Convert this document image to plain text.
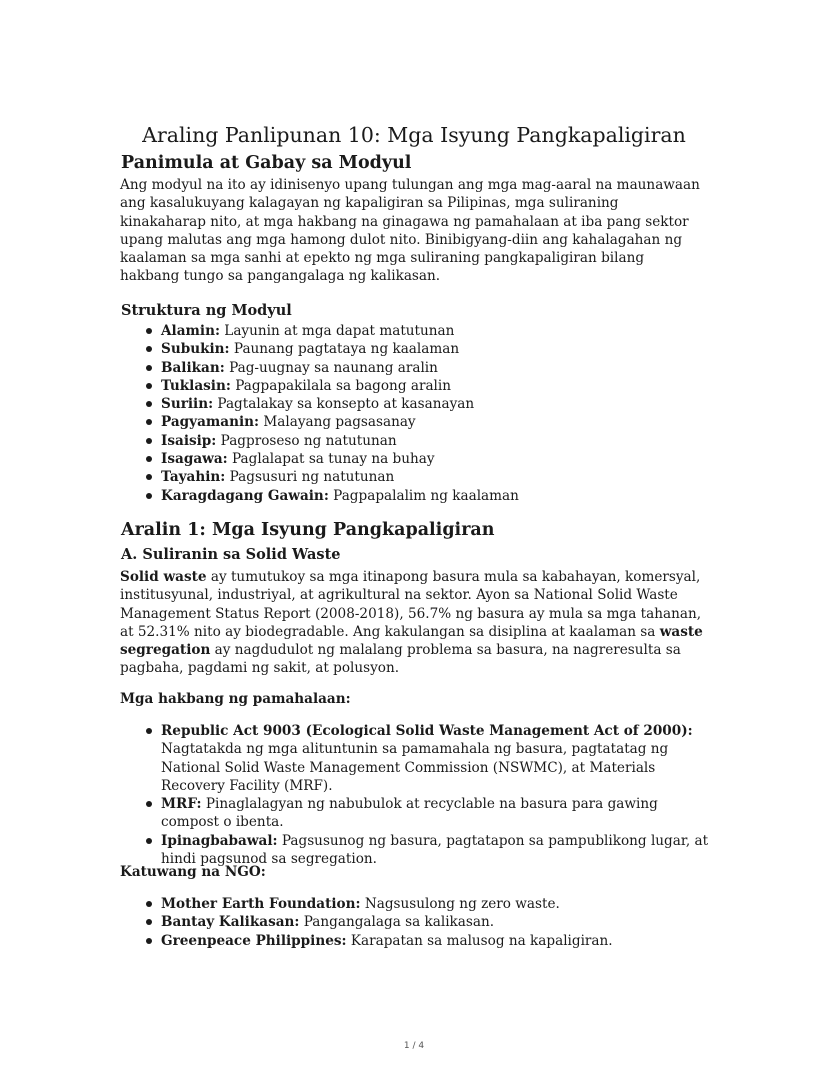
Araling Panlipunan 10: Mga Isyung Pangkapaligiran
Panimula at Gabay sa Modyul

Ang modyul na ito ay idinisenyo upang tulungan ang mga mag-aaral na maunawaan ang kasalukuyang kalagayan ng kapaligiran sa Pilipinas, mga suliraning kinakaharap nito, at mga hakbang na ginagawa ng pamahalaan at iba pang sektor upang malutas ang mga hamong dulot nito. Binibigyang-diin ang kahalagahan ng kaalaman sa mga sanhi at epekto ng mga suliraning pangkapaligiran bilang hakbang tungo sa pangangalaga ng kalikasan.

Struktura ng Modyul
Alamin: Layunin at mga dapat matutunan
Subukin: Paunang pagtataya ng kaalaman
Balikan: Pag-uugnay sa naunang aralin
Tuklasin: Pagpapakilala sa bagong aralin
Suriin: Pagtalakay sa konsepto at kasanayan
Pagyamanin: Malayang pagsasanay
Isaisip: Pagproseso ng natutunan
Isagawa: Paglalapat sa tunay na buhay
Tayahin: Pagsusuri ng natutunan
Karagdagang Gawain: Pagpapalalim ng kaalaman
Aralin 1: Mga Isyung Pangkapaligiran
A. Suliranin sa Solid Waste

Solid waste ay tumutukoy sa mga itinapong basura mula sa kabahayan, komersyal, institusyunal, industriyal, at agrikultural na sektor. Ayon sa National Solid Waste Management Status Report (2008-2018), 56.7% ng basura ay mula sa mga tahanan, at 52.31% nito ay biodegradable. Ang kakulangan sa disiplina at kaalaman sa waste segregation ay nagdudulot ng malalang problema sa basura, na nagreresulta sa pagbaha, pagdami ng sakit, at polusyon.

Mga hakbang ng pamahalaan:
Republic Act 9003 (Ecological Solid Waste Management Act of 2000): Nagtatakda ng mga alituntunin sa pamamahala ng basura, pagtatatag ng National Solid Waste Management Commission (NSWMC), at Materials Recovery Facility (MRF).
MRF: Pinaglalagyan ng nabubulok at recyclable na basura para gawing compost o ibenta.
Ipinagbabawal: Pagsusunog ng basura, pagtatapon sa pampublikong lugar, at hindi pagsunod sa segregation.
Katuwang na NGO:
Mother Earth Foundation: Nagsusulong ng zero waste.
Bantay Kalikasan: Pangangalaga sa kalikasan.
Greenpeace Philippines: Karapatan sa malusog na kapaligiran.
1 / 4
